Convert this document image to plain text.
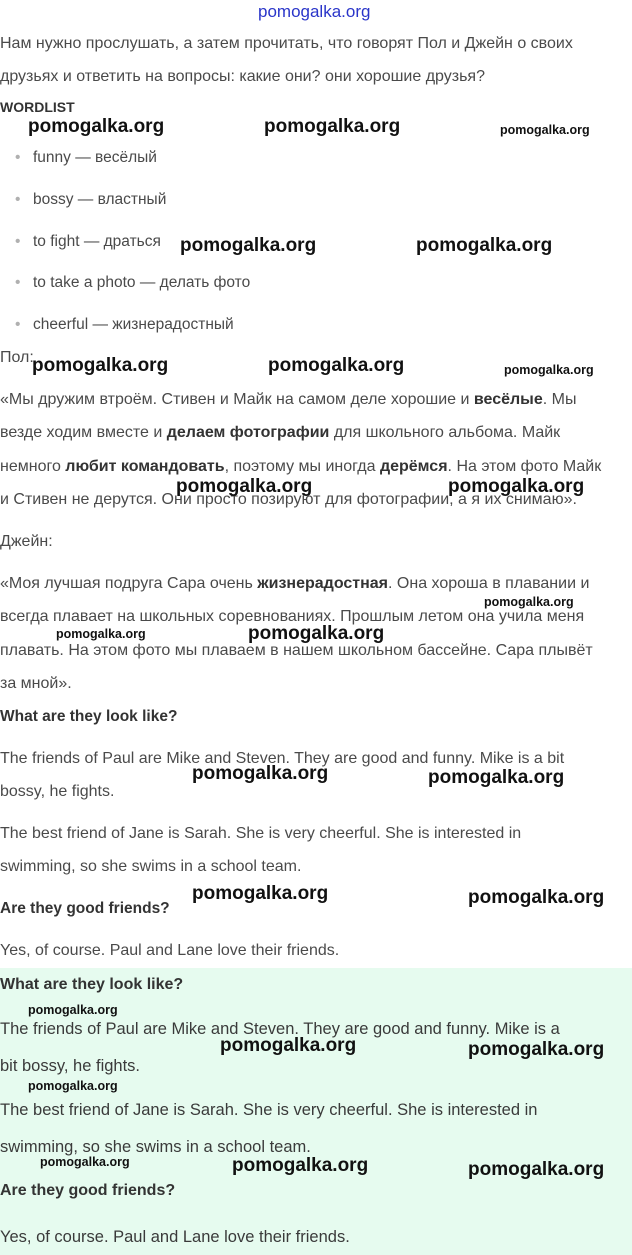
pomogalka.org

Нам нужно прослушать, а затем прочитать, что говорят Пол и Джейн о своих друзьях и ответить на вопросы: какие они? они хорошие друзья?

WORDLIST
• funny — весёлый
• bossy — властный
• to fight — драться
• to take a photo — делать фото
• cheerful — жизнерадостный
Пол:
«Мы дружим втроём. Стивен и Майк на самом деле хорошие и весёлые. Мы
везде ходим вместе и делаем фотографии для школьного альбома. Майк
немного любит командовать, поэтому мы иногда дерёмся. На этом фото Майк
и Стивен не дерутся. Они просто позируют для фотографии, а я их снимаю».
Джейн:
«Моя лучшая подруга Сара очень жизнерадостная. Она хороша в плавании и
всегда плавает на школьных соревнованиях. Прошлым летом она учила меня
плавать. На этом фото мы плаваем в нашем школьном бассейне. Сара плывёт
за мной».
What are they look like?
The friends of Paul are Mike and Steven. They are good and funny. Mike is a bit
bossy, he fights.
The best friend of Jane is Sarah. She is very cheerful. She is interested in
swimming, so she swims in a school team.
Are they good friends?
Yes, of course. Paul and Lane love their friends.
What are they look like?
The friends of Paul are Mike and Steven. They are good and funny. Mike is a
bit bossy, he fights.
The best friend of Jane is Sarah. She is very cheerful. She is interested in
swimming, so she swims in a school team.
Are they good friends?
Yes, of course. Paul and Lane love their friends.
pomogalka.org	pomogalka.org	pomogalka.org
pomogalka.org	pomogalka.org
pomogalka.org	pomogalka.org	pomogalka.org
pomogalka.org	pomogalka.org
pomogalka.org
pomogalka.org	pomogalka.org
pomogalka.org	pomogalka.org
pomogalka.org	pomogalka.org
pomogalka.org
pomogalka.org	pomogalka.org
pomogalka.org
pomogalka.org	pomogalka.org	pomogalka.org
